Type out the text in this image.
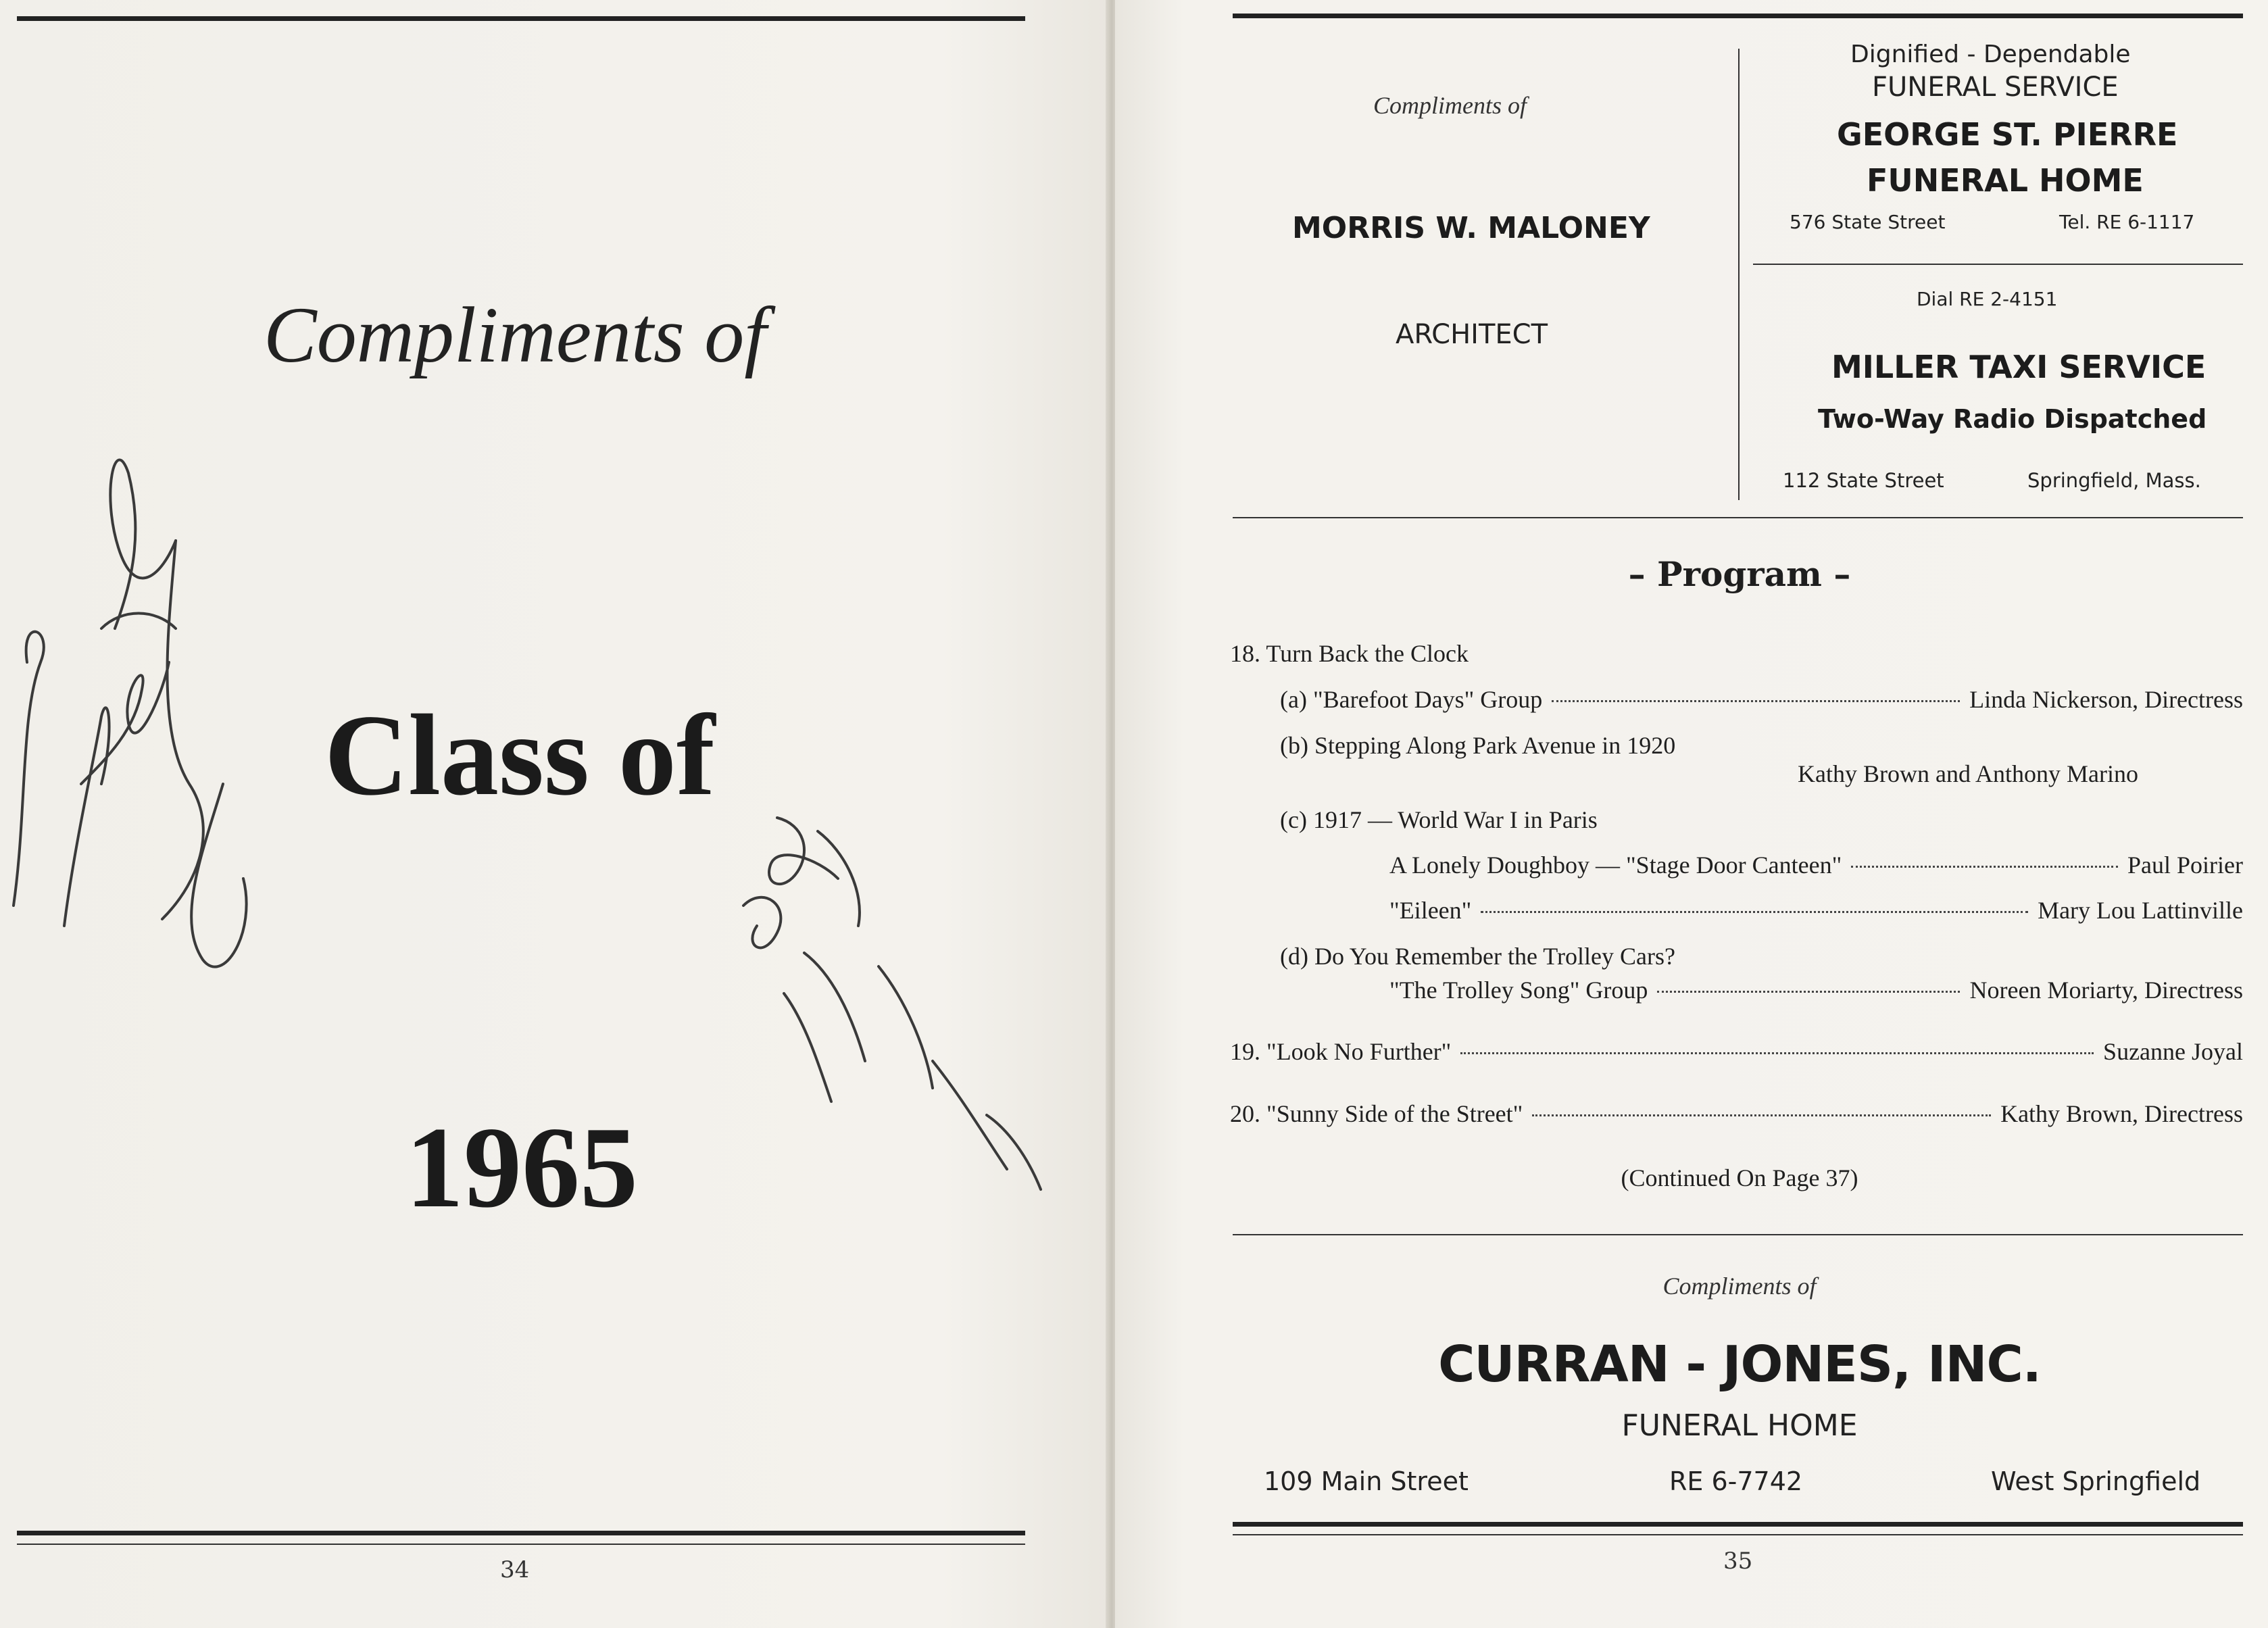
Compliments of
Class of
1965
34
Compliments of
MORRIS W. MALONEY
ARCHITECT
Dignified - Dependable
FUNERAL SERVICE
GEORGE ST. PIERRE
FUNERAL HOME
576 State Street	Tel. RE 6-1117
Dial RE 2-4151
MILLER TAXI SERVICE
Two-Way Radio Dispatched
112 State Street	Springfield, Mass.
– Program –
18. Turn Back the Clock
(a) "Barefoot Days" Group	Linda Nickerson, Directress
(b) Stepping Along Park Avenue in 1920
Kathy Brown and Anthony Marino
(c) 1917 — World War I in Paris
A Lonely Doughboy — "Stage Door Canteen"	Paul Poirier
"Eileen"	Mary Lou Lattinville
(d) Do You Remember the Trolley Cars?
"The Trolley Song" Group	Noreen Moriarty, Directress
19. "Look No Further"	Suzanne Joyal
20. "Sunny Side of the Street"	Kathy Brown, Directress
(Continued On Page 37)
Compliments of
CURRAN - JONES, INC.
FUNERAL HOME
109 Main Street	RE 6-7742	West Springfield
35
